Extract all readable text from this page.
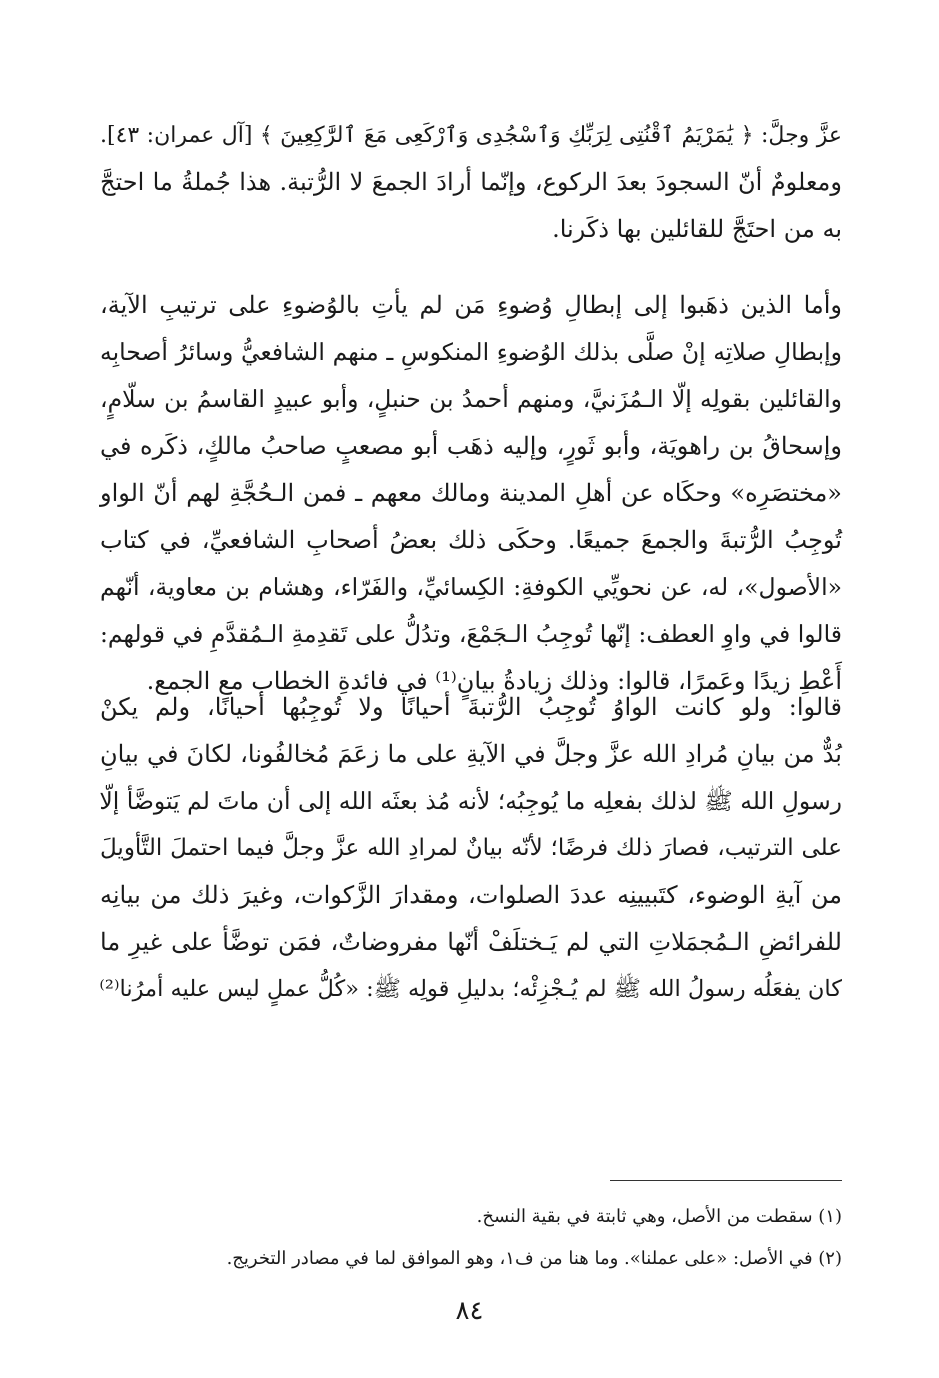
عزَّ وجلَّ: ﴿ يَٰمَرْيَمُ ٱقْنُتِى لِرَبِّكِ وَٱسْجُدِى وَٱرْكَعِى مَعَ ٱلرَّٰكِعِينَ ﴾ [آل عمران: ٤٣].
ومعلومٌ أنّ السجودَ بعدَ الركوع، وإنّما أرادَ الجمعَ لا الرُّتبة. هذا جُملةُ ما احتجَّ
به من احتَجَّ للقائلين بها ذكَرنا.

وأما الذين ذهَبوا إلى إبطالِ وُضوءِ مَن لم يأتِ بالوُضوءِ على ترتيبِ الآية،
وإبطالِ صلاتِه إنْ صلَّى بذلك الوُضوءِ المنكوسِ ـ منهم الشافعيُّ وسائرُ أصحابِه
والقائلين بقولِه إلّا الـمُزَنيَّ، ومنهم أحمدُ بن حنبلٍ، وأبو عبيدٍ القاسمُ بن سلّامٍ،
وإسحاقُ بن راهويَة، وأبو ثَورٍ، وإليه ذهَب أبو مصعبٍ صاحبُ مالكٍ، ذكَره في
«مختصَرِه» وحكَاه عن أهلِ المدينة ومالك معهم ـ فمن الـحُجَّةِ لهم أنّ الواو
تُوجِبُ الرُّتبةَ والجمعَ جميعًا. وحكَى ذلك بعضُ أصحابِ الشافعيِّ، في كتاب
«الأصول»، له، عن نحويِّي الكوفةِ: الكِسائيِّ، والفَرّاء، وهشام بن معاوية، أنّهم
قالوا في واوِ العطف: إنّها تُوجِبُ الـجَمْعَ، وتدُلُّ على تَقدِمةِ الـمُقدَّمِ في قولهم:
أَعْطِ زيدًا وعَمرًا، قالوا: وذلك زيادةُ بيانٍ⁽¹⁾ في فائدةِ الخطاب مع الجمع.

قالوا: ولو كانت الواوُ تُوجِبُ الرُّتبةَ أحيانًا ولا تُوجِبُها أحيانًا، ولم يكنْ
بُدٌّ من بيانِ مُرادِ الله عزَّ وجلَّ في الآيةِ على ما زعَمَ مُخالفُونا، لكانَ في بيانِ
رسولِ الله ﷺ لذلك بفعلِه ما يُوجِبُه؛ لأنه مُذ بعثَه الله إلى أن ماتَ لم يَتوضَّأ إلّا
على الترتيب، فصارَ ذلك فرضًا؛ لأنّه بيانٌ لمرادِ الله عزَّ وجلَّ فيما احتملَ التَّأويلَ
من آيةِ الوضوء، كتَبيينِه عددَ الصلوات، ومقدارَ الزَّكوات، وغيرَ ذلك من بيانِه
للفرائضِ الـمُجمَلاتِ التي لم يَـختلَفْ أنّها مفروضاتٌ، فمَن توضَّأ على غيرِ ما
كان يفعَلُه رسولُ الله ﷺ لم يُـجْزِئْه؛ بدليلِ قولِه ﷺ: «كُلُّ عملٍ ليس عليه أمرُنا⁽²⁾

(١) سقطت من الأصل، وهي ثابتة في بقية النسخ.
(٢) في الأصل: «على عملنا». وما هنا من ف١، وهو الموافق لما في مصادر التخريج.
٨٤
